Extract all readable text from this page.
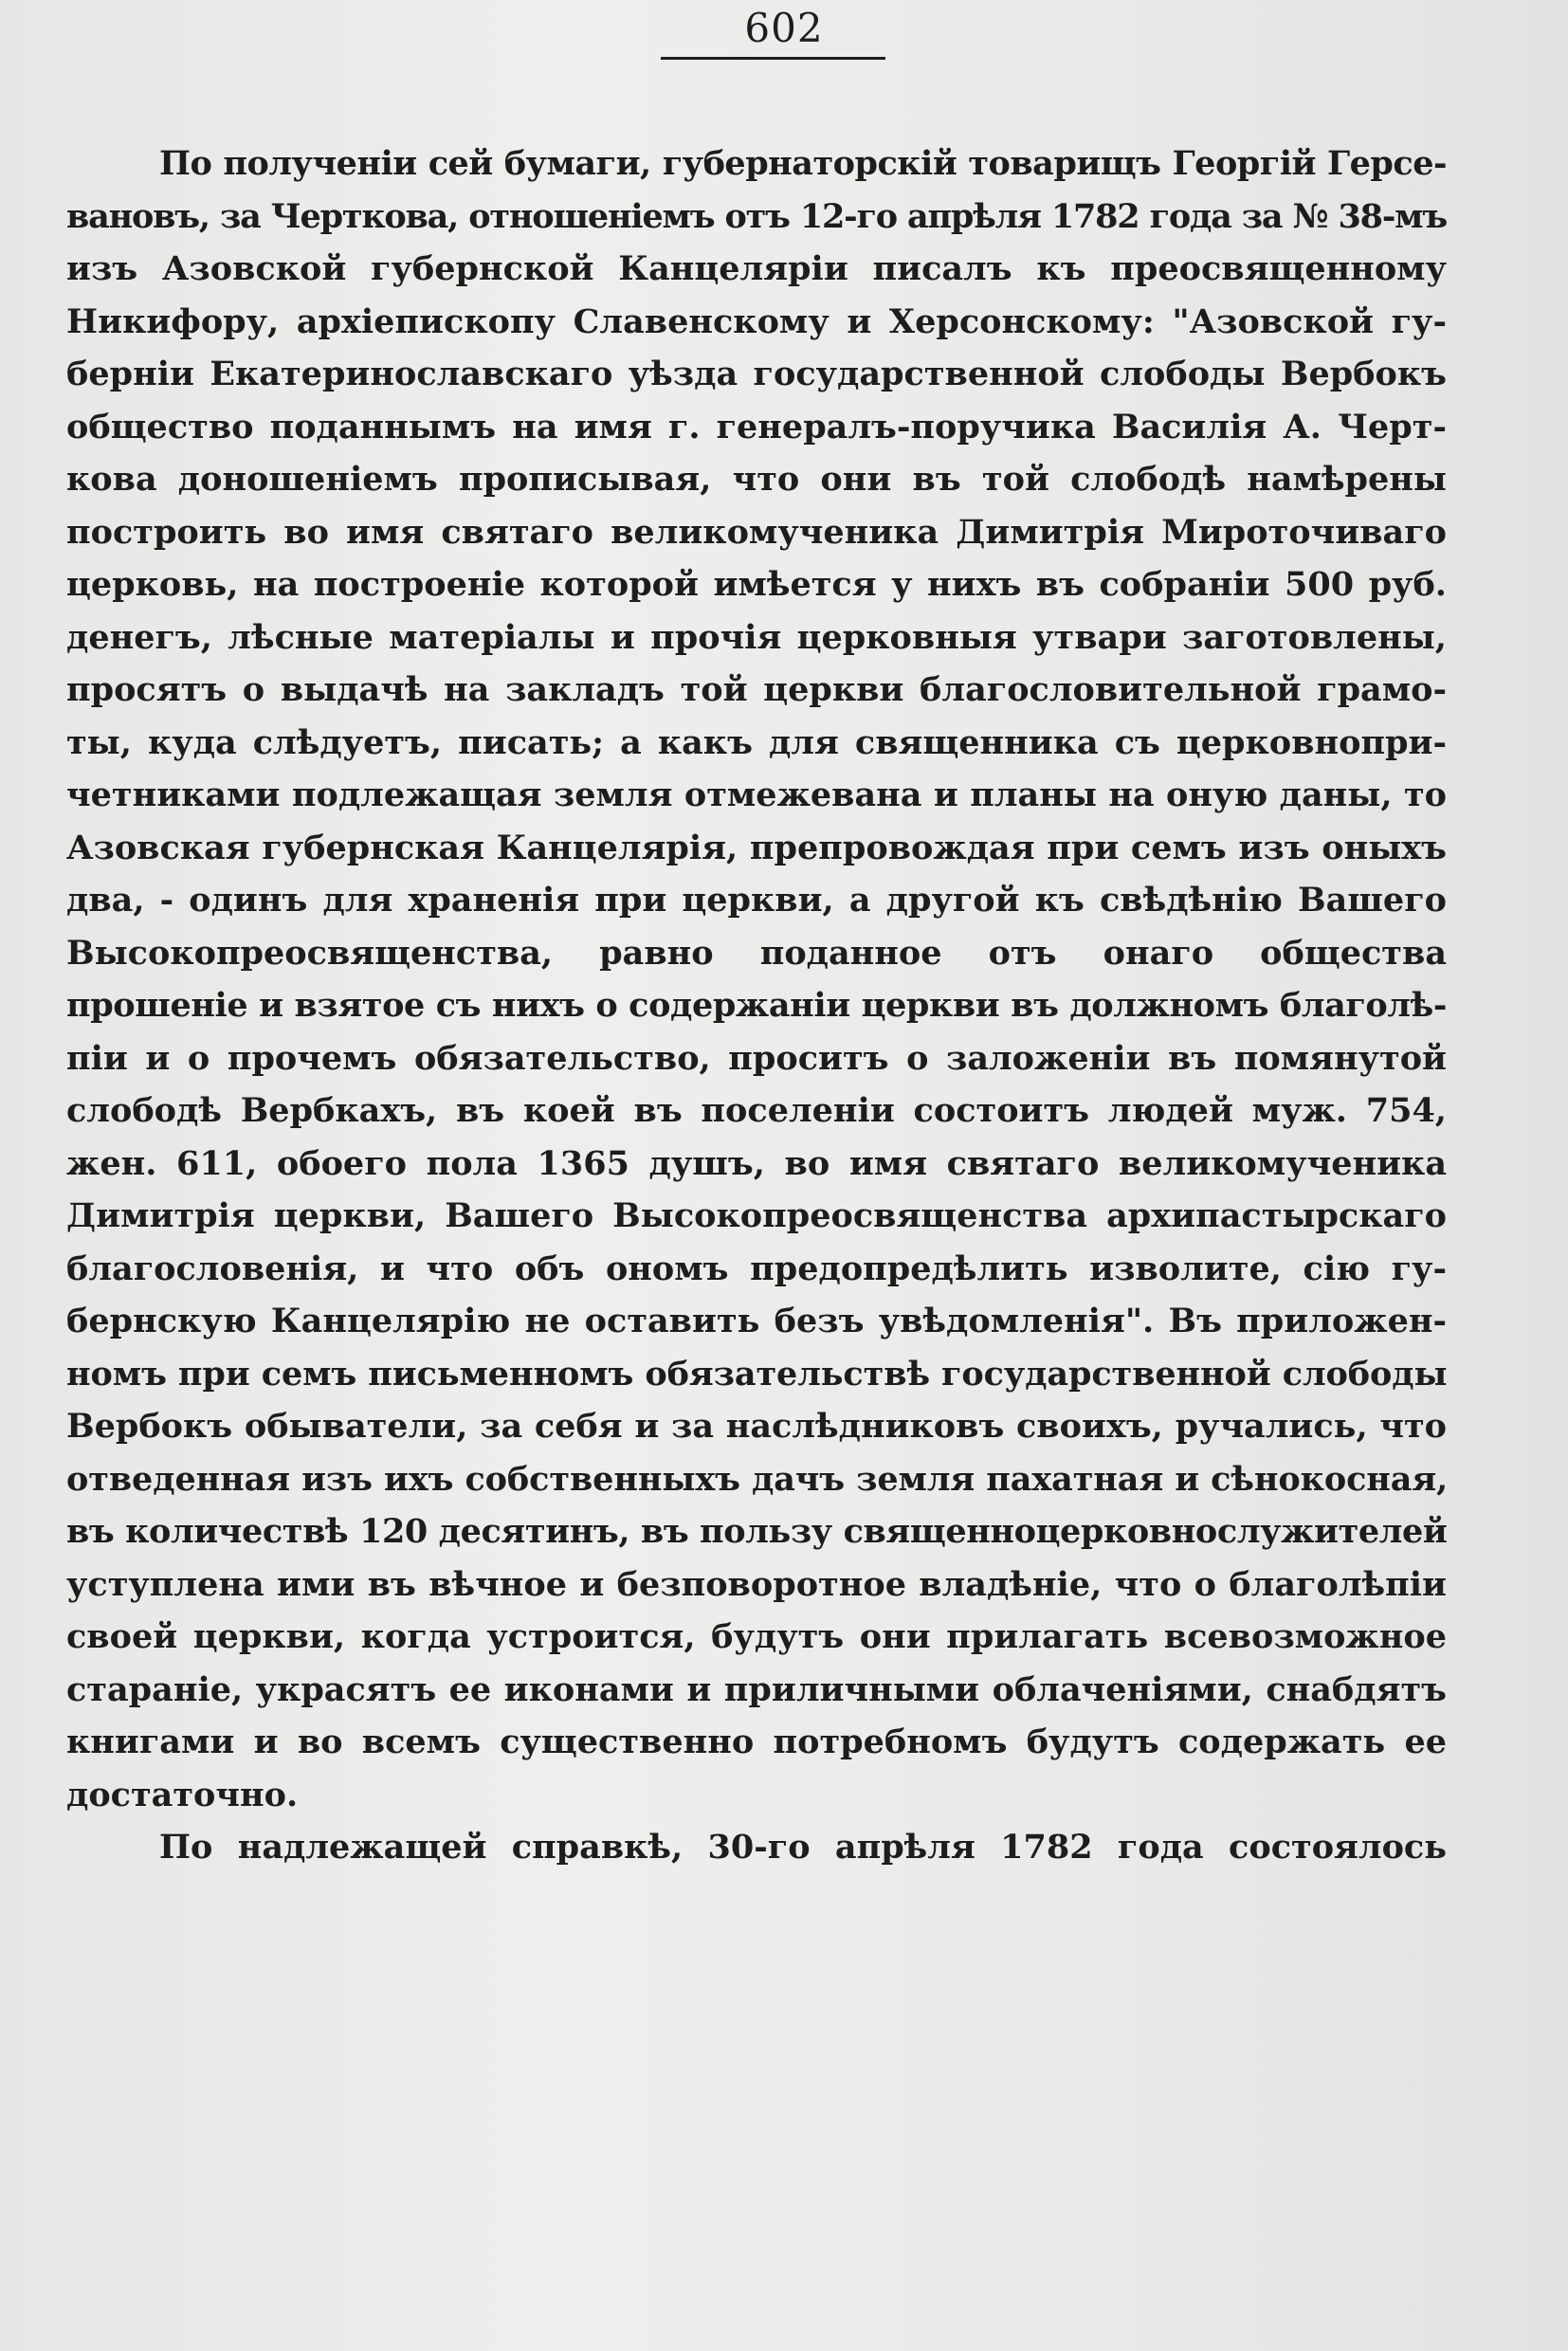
602
По полученіи сей бумаги, губернаторскій товарищъ Георгій Герсе-
вановъ, за Черткова, отношеніемъ отъ 12-го апрѣля 1782 года за № 38-мъ
изъ Азовской губернской Канцеляріи писалъ къ преосвященному
Никифору, архіепископу Славенскому и Херсонскому: "Азовской гу-
берніи Екатеринославскаго уѣзда государственной слободы Вербокъ
общество поданнымъ на имя г. генералъ-поручика Василія А. Черт-
кова доношеніемъ прописывая, что они въ той слободѣ намѣрены
построить во имя святаго великомученика Димитрія Мироточиваго
церковь, на построеніе которой имѣется у нихъ въ собраніи 500 руб.
денегъ, лѣсные матеріалы и прочія церковныя утвари заготовлены,
просятъ о выдачѣ на закладъ той церкви благословительной грамо-
ты, куда слѣдуетъ, писать; а какъ для священника съ церковнопри-
четниками подлежащая земля отмежевана и планы на оную даны, то
Азовская губернская Канцелярія, препровождая при семъ изъ оныхъ
два, - одинъ для храненія при церкви, а другой къ свѣдѣнію Вашего
Высокопреосвященства, равно поданное отъ онаго общества
прошеніе и взятое съ нихъ о содержаніи церкви въ должномъ благолѣ-
піи и о прочемъ обязательство, проситъ о заложеніи въ помянутой
слободѣ Вербкахъ, въ коей въ поселеніи состоитъ людей муж. 754,
жен. 611, обоего пола 1365 душъ, во имя святаго великомученика
Димитрія церкви, Вашего Высокопреосвященства архипастырскаго
благословенія, и что объ ономъ предопредѣлить изволите, сію гу-
бернскую Канцелярію не оставить безъ увѣдомленія". Въ приложен-
номъ при семъ письменномъ обязательствѣ государственной слободы
Вербокъ обыватели, за себя и за наслѣдниковъ своихъ, ручались, что
отведенная изъ ихъ собственныхъ дачъ земля пахатная и сѣнокосная,
въ количествѣ 120 десятинъ, въ пользу священноцерковнослужителей
уступлена ими въ вѣчное и безповоротное владѣніе, что о благолѣпіи
своей церкви, когда устроится, будутъ они прилагать всевозможное
стараніе, украсятъ ее иконами и приличными облаченіями, снабдятъ
книгами и во всемъ существенно потребномъ будутъ содержать ее
достаточно.
По надлежащей справкѣ, 30-го апрѣля 1782 года состоялось
